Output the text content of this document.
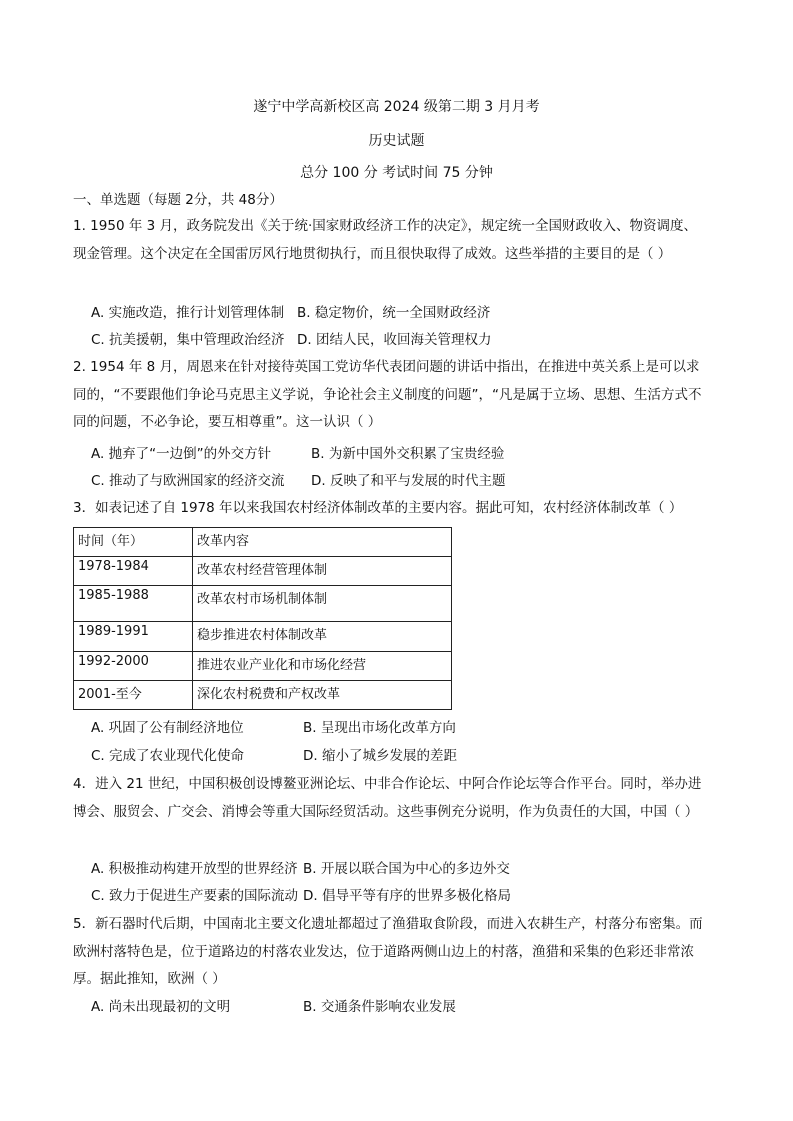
遂宁中学高新校区高 2024 级第二期 3 月月考
历史试题
总分 100 分 考试时间 75 分钟
一、单选题（每题 2分，共 48分）
1. 1950 年 3 月，政务院发出《关于统·国家财政经济工作的决定》，规定统一全国财政收入、物资调度、现金管理。这个决定在全国雷厉风行地贯彻执行，而且很快取得了成效。这些举措的主要目的是（ ）
A. 实施改造，推行计划管理体制 B. 稳定物价，统一全国财政经济
C. 抗美援朝，集中管理政治经济 D. 团结人民，收回海关管理权力
2. 1954 年 8 月，周恩来在针对接待英国工党访华代表团问题的讲话中指出，在推进中英关系上是可以求同的，“不要跟他们争论马克思主义学说，争论社会主义制度的问题”，“凡是属于立场、思想、生活方式不同的问题，不必争论，要互相尊重”。这一认识（ ）
A. 抛弃了“一边倒”的外交方针	B. 为新中国外交积累了宝贵经验
C. 推动了与欧洲国家的经济交流 D. 反映了和平与发展的时代主题
3．如表记述了自 1978 年以来我国农村经济体制改革的主要内容。据此可知，农村经济体制改革（ ）
时间（年）	改革内容
1978-1984	改革农村经营管理体制
1985-1988	改革农村市场机制体制
1989-1991	稳步推进农村体制改革
1992-2000	推进农业产业化和市场化经营
2001-至今	深化农村税费和产权改革
A. 巩固了公有制经济地位	B. 呈现出市场化改革方向
C. 完成了农业现代化使命	D. 缩小了城乡发展的差距
4．进入 21 世纪，中国积极创设博鳌亚洲论坛、中非合作论坛、中阿合作论坛等合作平台。同时，举办进博会、服贸会、广交会、消博会等重大国际经贸活动。这些事例充分说明，作为负责任的大国，中国（ ）
A. 积极推动构建开放型的世界经济 B. 开展以联合国为中心的多边外交
C. 致力于促进生产要素的国际流动 D. 倡导平等有序的世界多极化格局
5．新石器时代后期，中国南北主要文化遗址都超过了渔猎取食阶段，而进入农耕生产，村落分布密集。而欧洲村落特色是，位于道路边的村落农业发达，位于道路两侧山边上的村落，渔猎和采集的色彩还非常浓厚。据此推知，欧洲（ ）
A. 尚未出现最初的文明	B. 交通条件影响农业发展
